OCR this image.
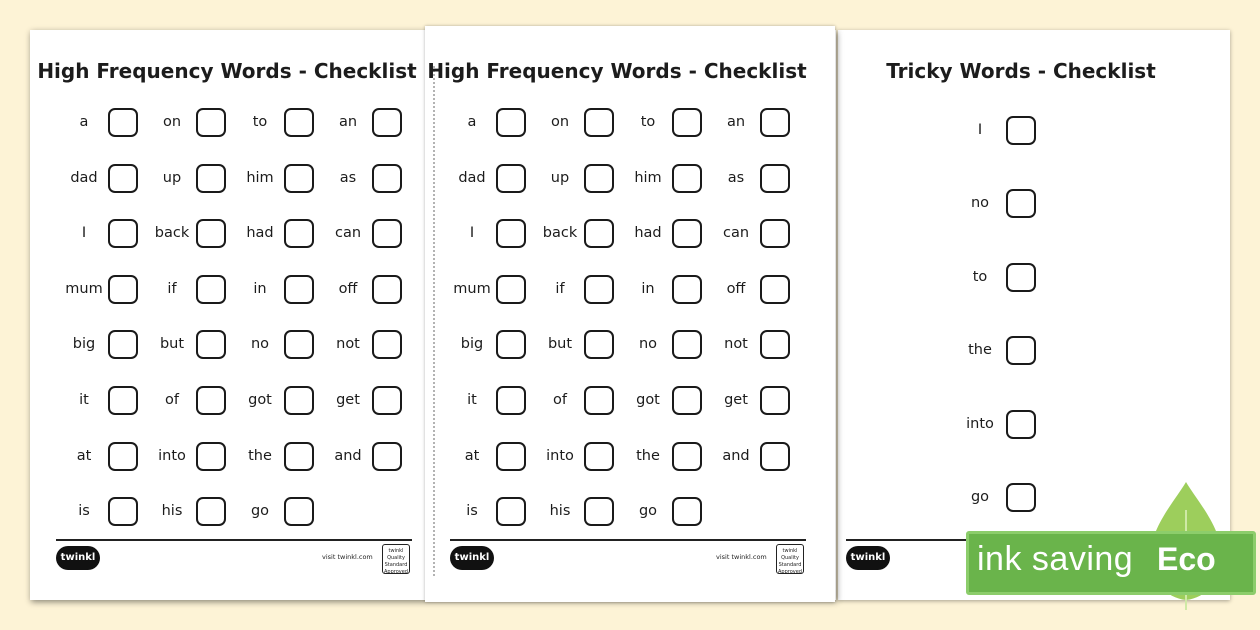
Tricky Words - Checklist
I
no
to
the
into
go
twinkl
High Frequency Words - Checklist
a	on	to	an
dad	up	him	as
I	back	had	can
mum	if	in	off
big	but	no	not
it	of	got	get
at	into	the	and
is	his	go
twinkl	visit twinkl.com
twinkl Quality Standard Approved
High Frequency Words - Checklist
a	on	to	an
dad	up	him	as
I	back	had	can
mum	if	in	off
big	but	no	not
it	of	got	get
at	into	the	and
is	his	go
twinkl	visit twinkl.com
twinkl Quality Standard Approved	ink saving Eco
